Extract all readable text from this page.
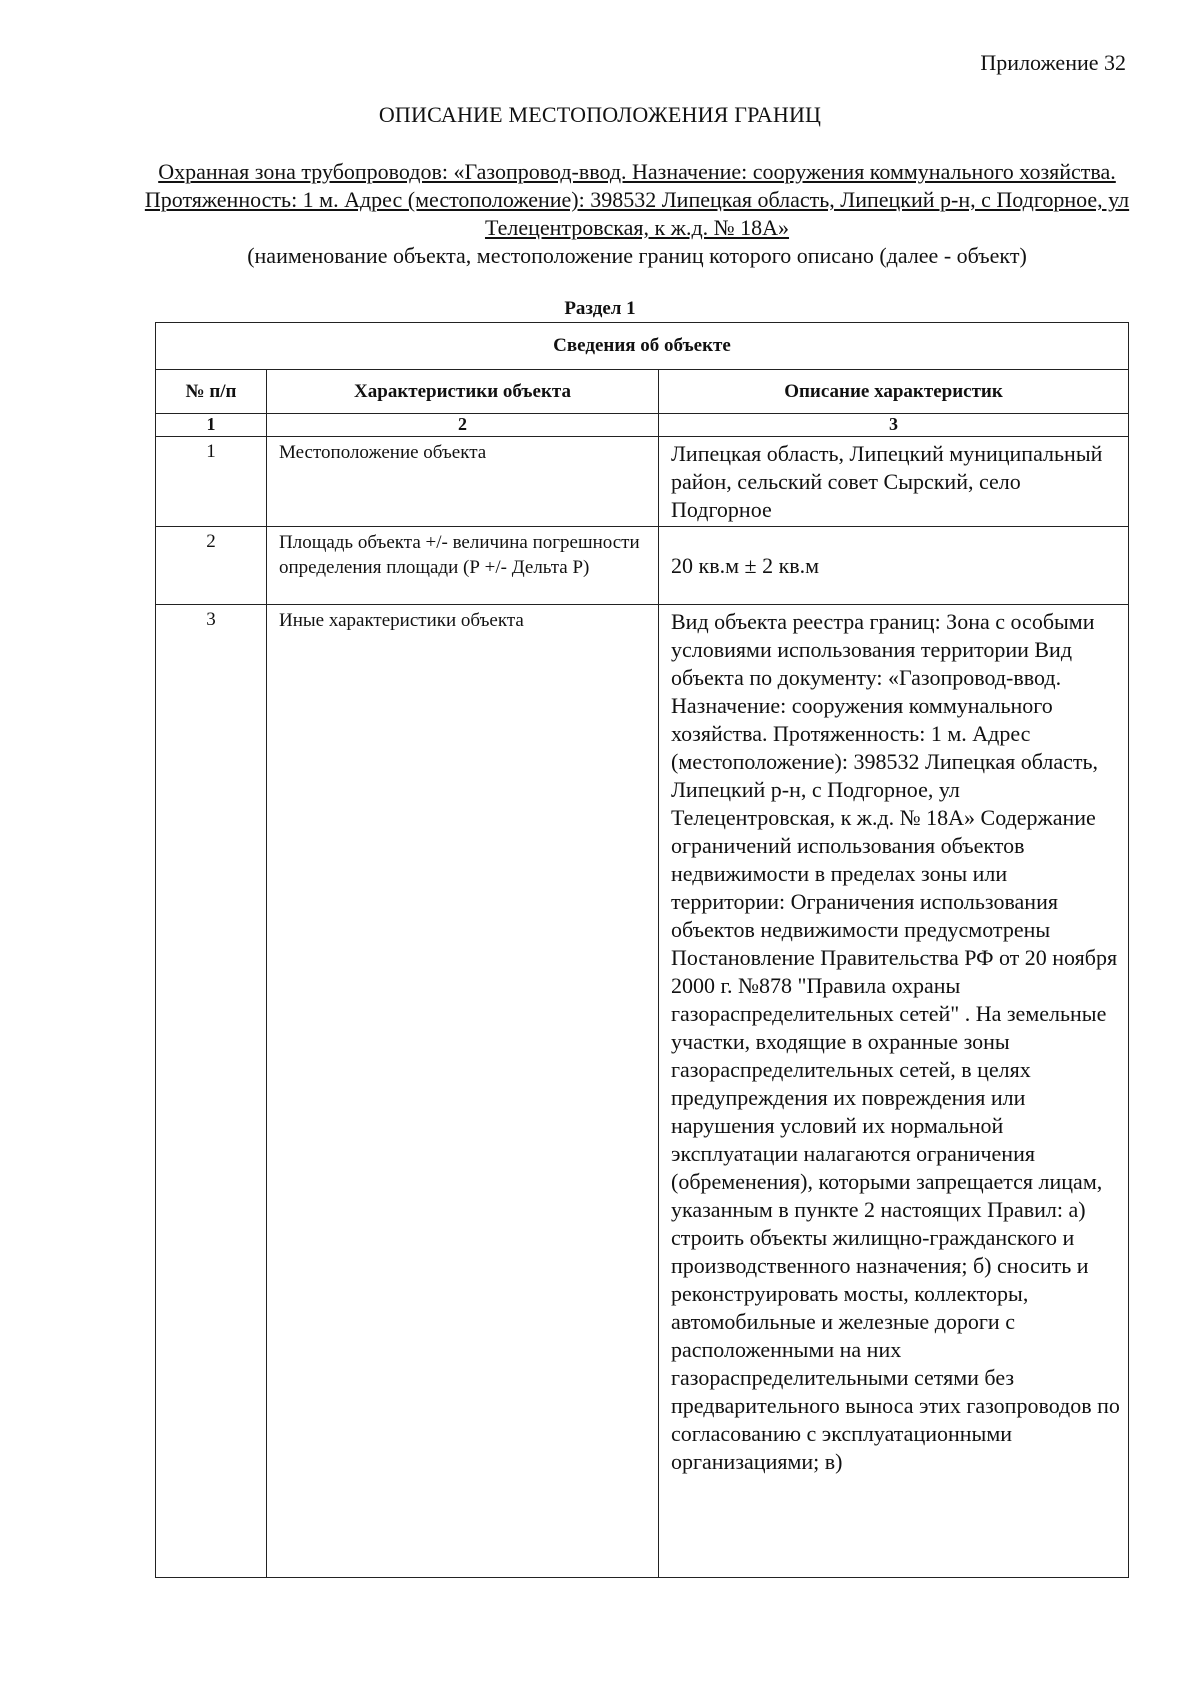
Приложение 32
ОПИСАНИЕ МЕСТОПОЛОЖЕНИЯ ГРАНИЦ
Охранная зона трубопроводов: «Газопровод-ввод. Назначение: сооружения коммунального хозяйства. Протяженность: 1 м. Адрес (местоположение): 398532 Липецкая область, Липецкий р-н, с Подгорное, ул Телецентровская, к ж.д. № 18А»
(наименование объекта, местоположение границ которого описано (далее - объект)
Раздел 1
Сведения об объекте		
№ п/п	Характеристики объекта	Описание характеристик
1	2	3
1	Местоположение объекта	Липецкая область, Липецкий муниципальный район, сельский совет Сырский, село Подгорное
2	Площадь объекта +/- величина погрешности определения площади (Р +/- Дельта Р)	20 кв.м ± 2 кв.м
3	Иные характеристики объекта	Вид объекта реестра границ: Зона с особыми условиями использования территории Вид объекта по документу: «Газопровод-ввод. Назначение: сооружения коммунального хозяйства. Протяженность: 1 м. Адрес (местоположение): 398532 Липецкая область, Липецкий р-н, с Подгорное, ул Телецентровская, к ж.д. № 18А» Содержание ограничений использования объектов недвижимости в пределах зоны или территории: Ограничения использования объектов недвижимости предусмотрены Постановление Правительства РФ от 20 ноября 2000 г. №878 "Правила охраны газораспределительных сетей" . На земельные участки, входящие в охранные зоны газораспределительных сетей, в целях предупреждения их повреждения или нарушения условий их нормальной эксплуатации налагаются ограничения (обременения), которыми запрещается лицам, указанным в пункте 2 настоящих Правил: а) строить объекты жилищно-гражданского и производственного назначения; б) сносить и реконструировать мосты, коллекторы, автомобильные и железные дороги с расположенными на них газораспределительными сетями без предварительного выноса этих газопроводов по согласованию с эксплуатационными организациями; в)
